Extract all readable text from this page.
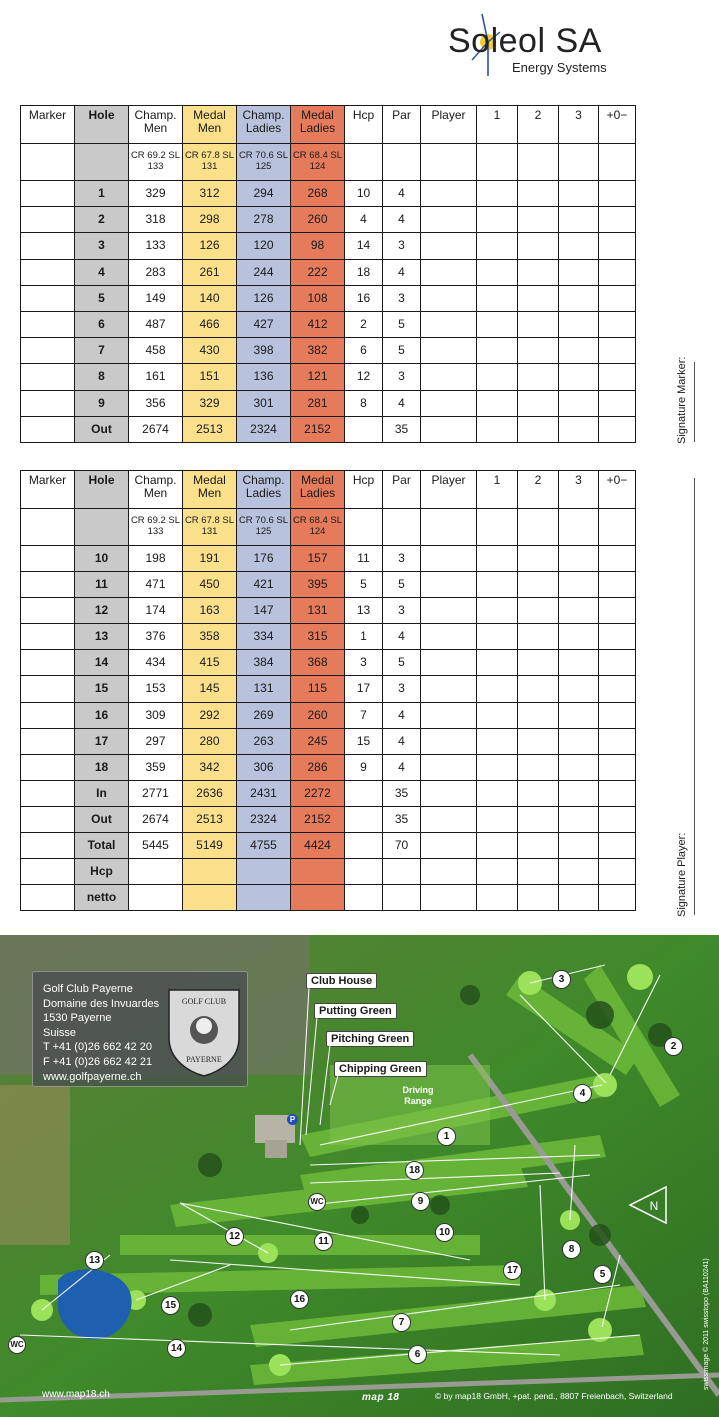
Soleol SA
Energy Systems
Marker	Hole	Champ. Men	Medal Men	Champ. Ladies	Medal Ladies	Hcp	Par	Player	1	2	3	+0−
		CR 69.2 SL 133	CR 67.8 SL 131	CR 70.6 SL 125	CR 68.4 SL 124							
	1	329	312	294	268	10	4					
	2	318	298	278	260	4	4					
	3	133	126	120	98	14	3					
	4	283	261	244	222	18	4					
	5	149	140	126	108	16	3					
	6	487	466	427	412	2	5					
	7	458	430	398	382	6	5					
	8	161	151	136	121	12	3					
	9	356	329	301	281	8	4					
	Out	2674	2513	2324	2152		35					
Marker	Hole	Champ. Men	Medal Men	Champ. Ladies	Medal Ladies	Hcp	Par	Player	1	2	3	+0−
		CR 69.2 SL 133	CR 67.8 SL 131	CR 70.6 SL 125	CR 68.4 SL 124							
	10	198	191	176	157	11	3					
	11	471	450	421	395	5	5					
	12	174	163	147	131	13	3					
	13	376	358	334	315	1	4					
	14	434	415	384	368	3	5					
	15	153	145	131	115	17	3					
	16	309	292	269	260	7	4					
	17	297	280	263	245	15	4					
	18	359	342	306	286	9	4					
	In	2771	2636	2431	2272		35					
	Out	2674	2513	2324	2152		35					
	Total	5445	5149	4755	4424		70					
	Hcp											
	netto											
Signature Marker:
Signature Player:
Golf Club Payerne
Domaine des Invuardes
1530 Payerne
Suisse
T +41 (0)26 662 42 20
F +41 (0)26 662 42 21
www.golfpayerne.ch
GOLF CLUB
PAYERNE
Club House
Putting Green
Pitching Green
Chipping Green
Driving Range
1
2
3
4
5
6
7
8
9
10
11
12
13
14
15
16
17
18
WC
WC
P
N
www.map18.ch	map 18	© by map18 GmbH, +pat. pend., 8807 Freienbach, Switzerland
swissimage © 2011 swisstopo (BA110241)
